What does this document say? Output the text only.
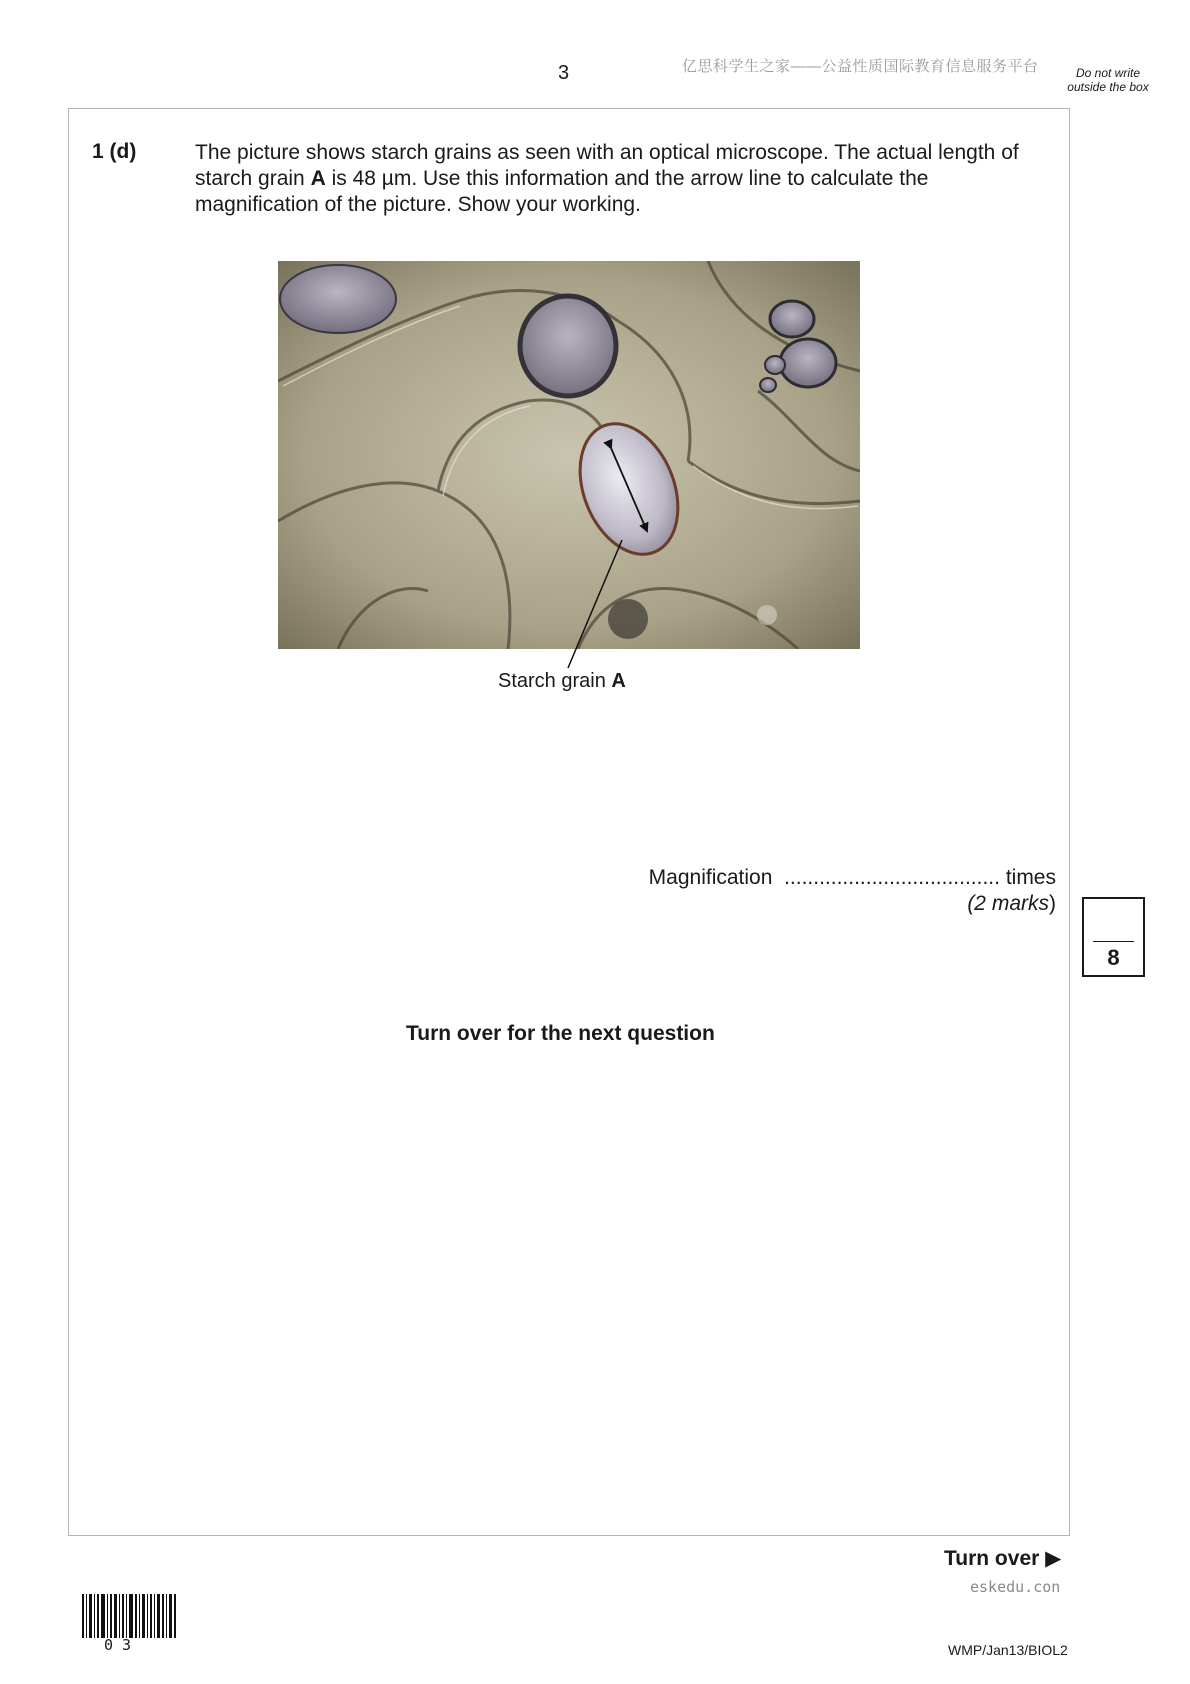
3	亿思科学生之家——公益性质国际教育信息服务平台	Do not write outside the box
1 (d)	The picture shows starch grains as seen with an optical microscope. The actual length of starch grain A is 48 µm. Use this information and the arrow line to calculate the magnification of the picture. Show your working.
Starch grain A
Magnification ..................................... times
(2 marks)
8
Turn over for the next question
Turn over ▶
eskedu.con
0 3	WMP/Jan13/BIOL2
